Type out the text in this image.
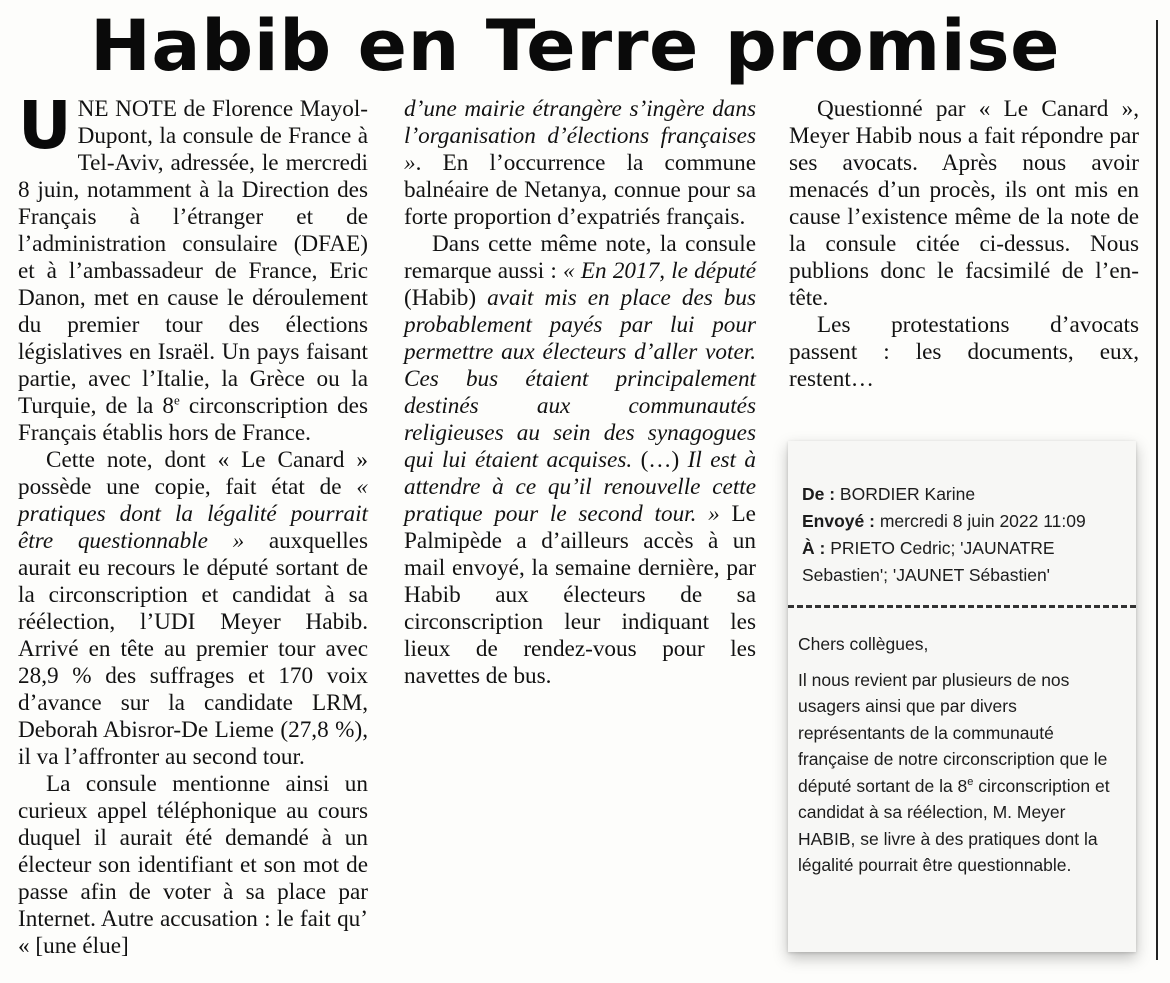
Habib en Terre promise

UNE NOTE de Florence Mayol-Dupont, la consule de France à Tel-Aviv, adressée, le mercredi 8 juin, notamment à la Direction des Français à l’étranger et de l’administration consulaire (DFAE) et à l’ambassadeur de France, Eric Danon, met en cause le déroulement du premier tour des élections législatives en Israël. Un pays faisant partie, avec l’Italie, la Grèce ou la Turquie, de la 8e circonscription des Français établis hors de France.

Cette note, dont « Le Canard » possède une copie, fait état de « pratiques dont la légalité pourrait être questionnable » auxquelles aurait eu recours le député sortant de la circonscription et candidat à sa réélection, l’UDI Meyer Habib. Arrivé en tête au premier tour avec 28,9 % des suffrages et 170 voix d’avance sur la candidate LRM, Deborah Abisror-De Lieme (27,8 %), il va l’affronter au second tour.

La consule mentionne ainsi un curieux appel téléphonique au cours duquel il aurait été demandé à un électeur son identifiant et son mot de passe afin de voter à sa place par Internet. Autre accusation : le fait qu’ « [une élue]

d’une mairie étrangère s’ingère dans l’organisation d’élections françaises ». En l’occurrence la commune balnéaire de Netanya, connue pour sa forte proportion d’expatriés français.

Dans cette même note, la consule remarque aussi : « En 2017, le député (Habib) avait mis en place des bus probablement payés par lui pour permettre aux électeurs d’aller voter. Ces bus étaient principalement destinés aux communautés religieuses au sein des synagogues qui lui étaient acquises. (…) Il est à attendre à ce qu’il renouvelle cette pratique pour le second tour. » Le Palmipède a d’ailleurs accès à un mail envoyé, la semaine dernière, par Habib aux électeurs de sa circonscription leur indiquant les lieux de rendez-vous pour les navettes de bus.

Questionné par « Le Canard », Meyer Habib nous a fait répondre par ses avocats. Après nous avoir menacés d’un procès, ils ont mis en cause l’existence même de la note de la consule citée ci-dessus. Nous publions donc le facsimilé de l’en-tête.

Les protestations d’avocats passent : les documents, eux, restent…

De : BORDIER Karine
Envoyé : mercredi 8 juin 2022 11:09
À : PRIETO Cedric; 'JAUNATRE Sebastien'; 'JAUNET Sébastien'

Chers collègues,

Il nous revient par plusieurs de nos usagers ainsi que par divers représentants de la communauté française de notre circonscription que le député sortant de la 8e circonscription et candidat à sa réélection, M. Meyer HABIB, se livre à des pratiques dont la légalité pourrait être questionnable.
